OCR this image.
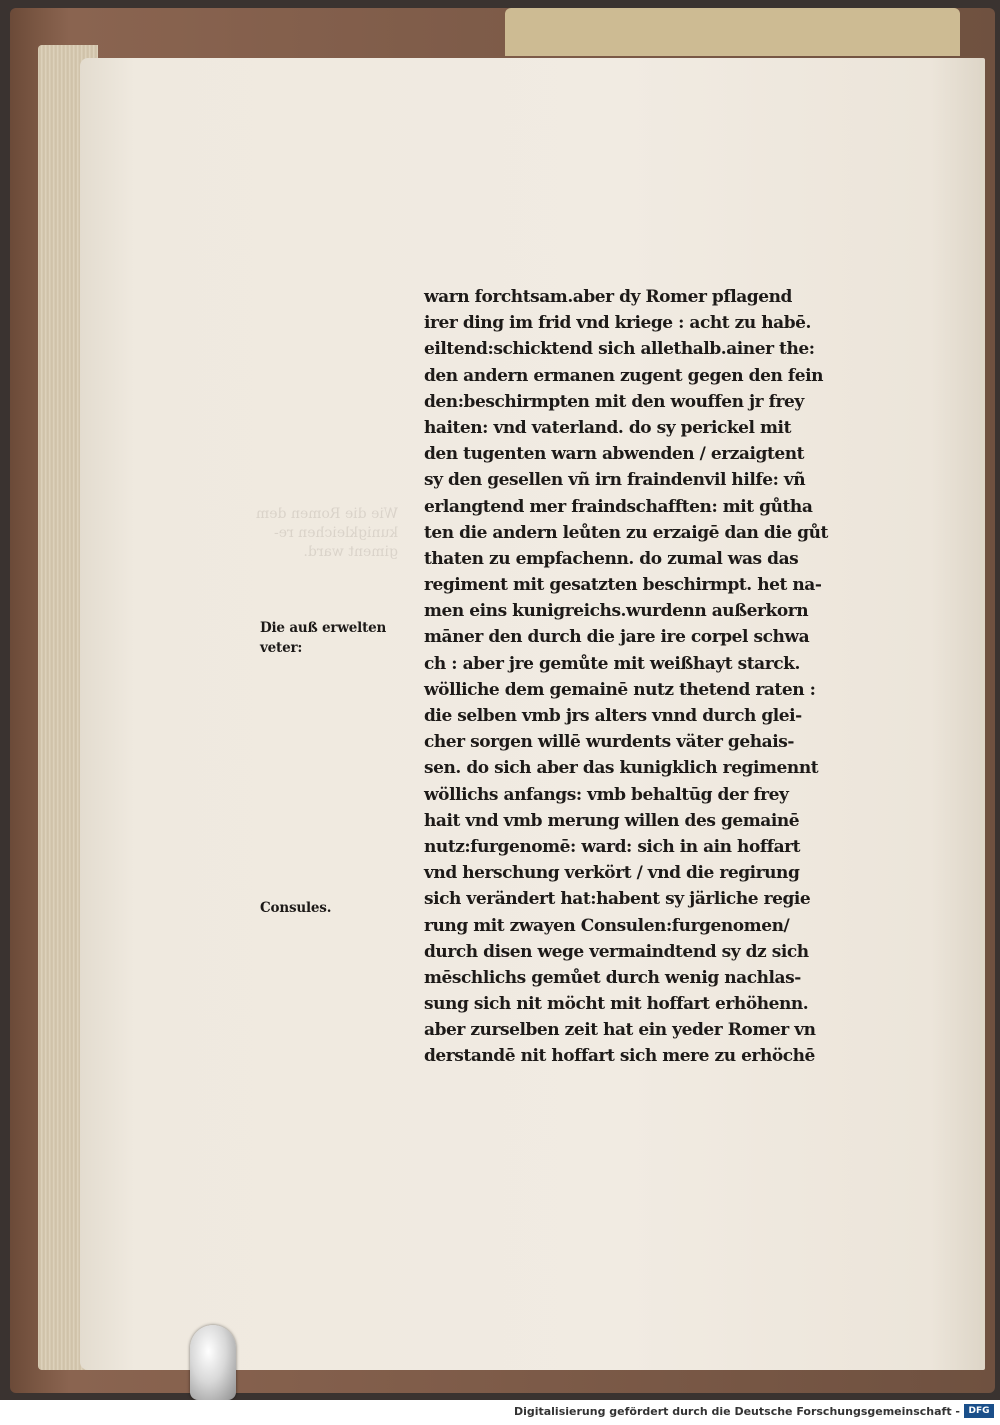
Wie die Romen dem
kunigkleichen re-
giment ward.
warn forchtsam.aber dy Romer pflagend
irer ding im frid vnd kriege : acht zu habē.
eiltend:schicktend sich allethalb.ainer the:
den andern ermanen zugent gegen den fein
den:beschirmpten mit den wouffen jr frey
haiten: vnd vaterland. do sy perickel mit
den tugenten warn abwenden / erzaigtent
sy den gesellen vñ irn fraindenvil hilfe: vñ
erlangtend mer fraindschafften: mit gůtha
ten die andern leůten zu erzaigē dan die gůt
thaten zu empfachenn. do zumal was das
regiment mit gesatzten beschirmpt. het na-
men eins kunigreichs.wurdenn außerkorn
māner den durch die jare ire corpel schwa
ch : aber jre gemůte mit weißhayt starck.
wölliche dem gemainē nutz thetend raten :
die selben vmb jrs alters vnnd durch glei-
cher sorgen willē wurdents väter gehais-
sen. do sich aber das kunigklich regimennt
wöllichs anfangs: vmb behaltūg der frey
hait vnd vmb merung willen des gemainē
nutz:furgenomē: ward: sich in ain hoffart
vnd herschung verkört / vnd die regirung
sich verändert hat:habent sy järliche regie
rung mit zwayen Consulen:furgenomen/
durch disen wege vermaindtend sy dz sich
mēschlichs gemůet durch wenig nachlas-
sung sich nit möcht mit hoffart erhöhenn.
aber zurselben zeit hat ein yeder Romer vn
derstandē nit hoffart sich mere zu erhöchē
Die auß erwelten
veter:
Consules.
Digitalisierung gefördert durch die Deutsche Forschungsgemeinschaft - DFG
